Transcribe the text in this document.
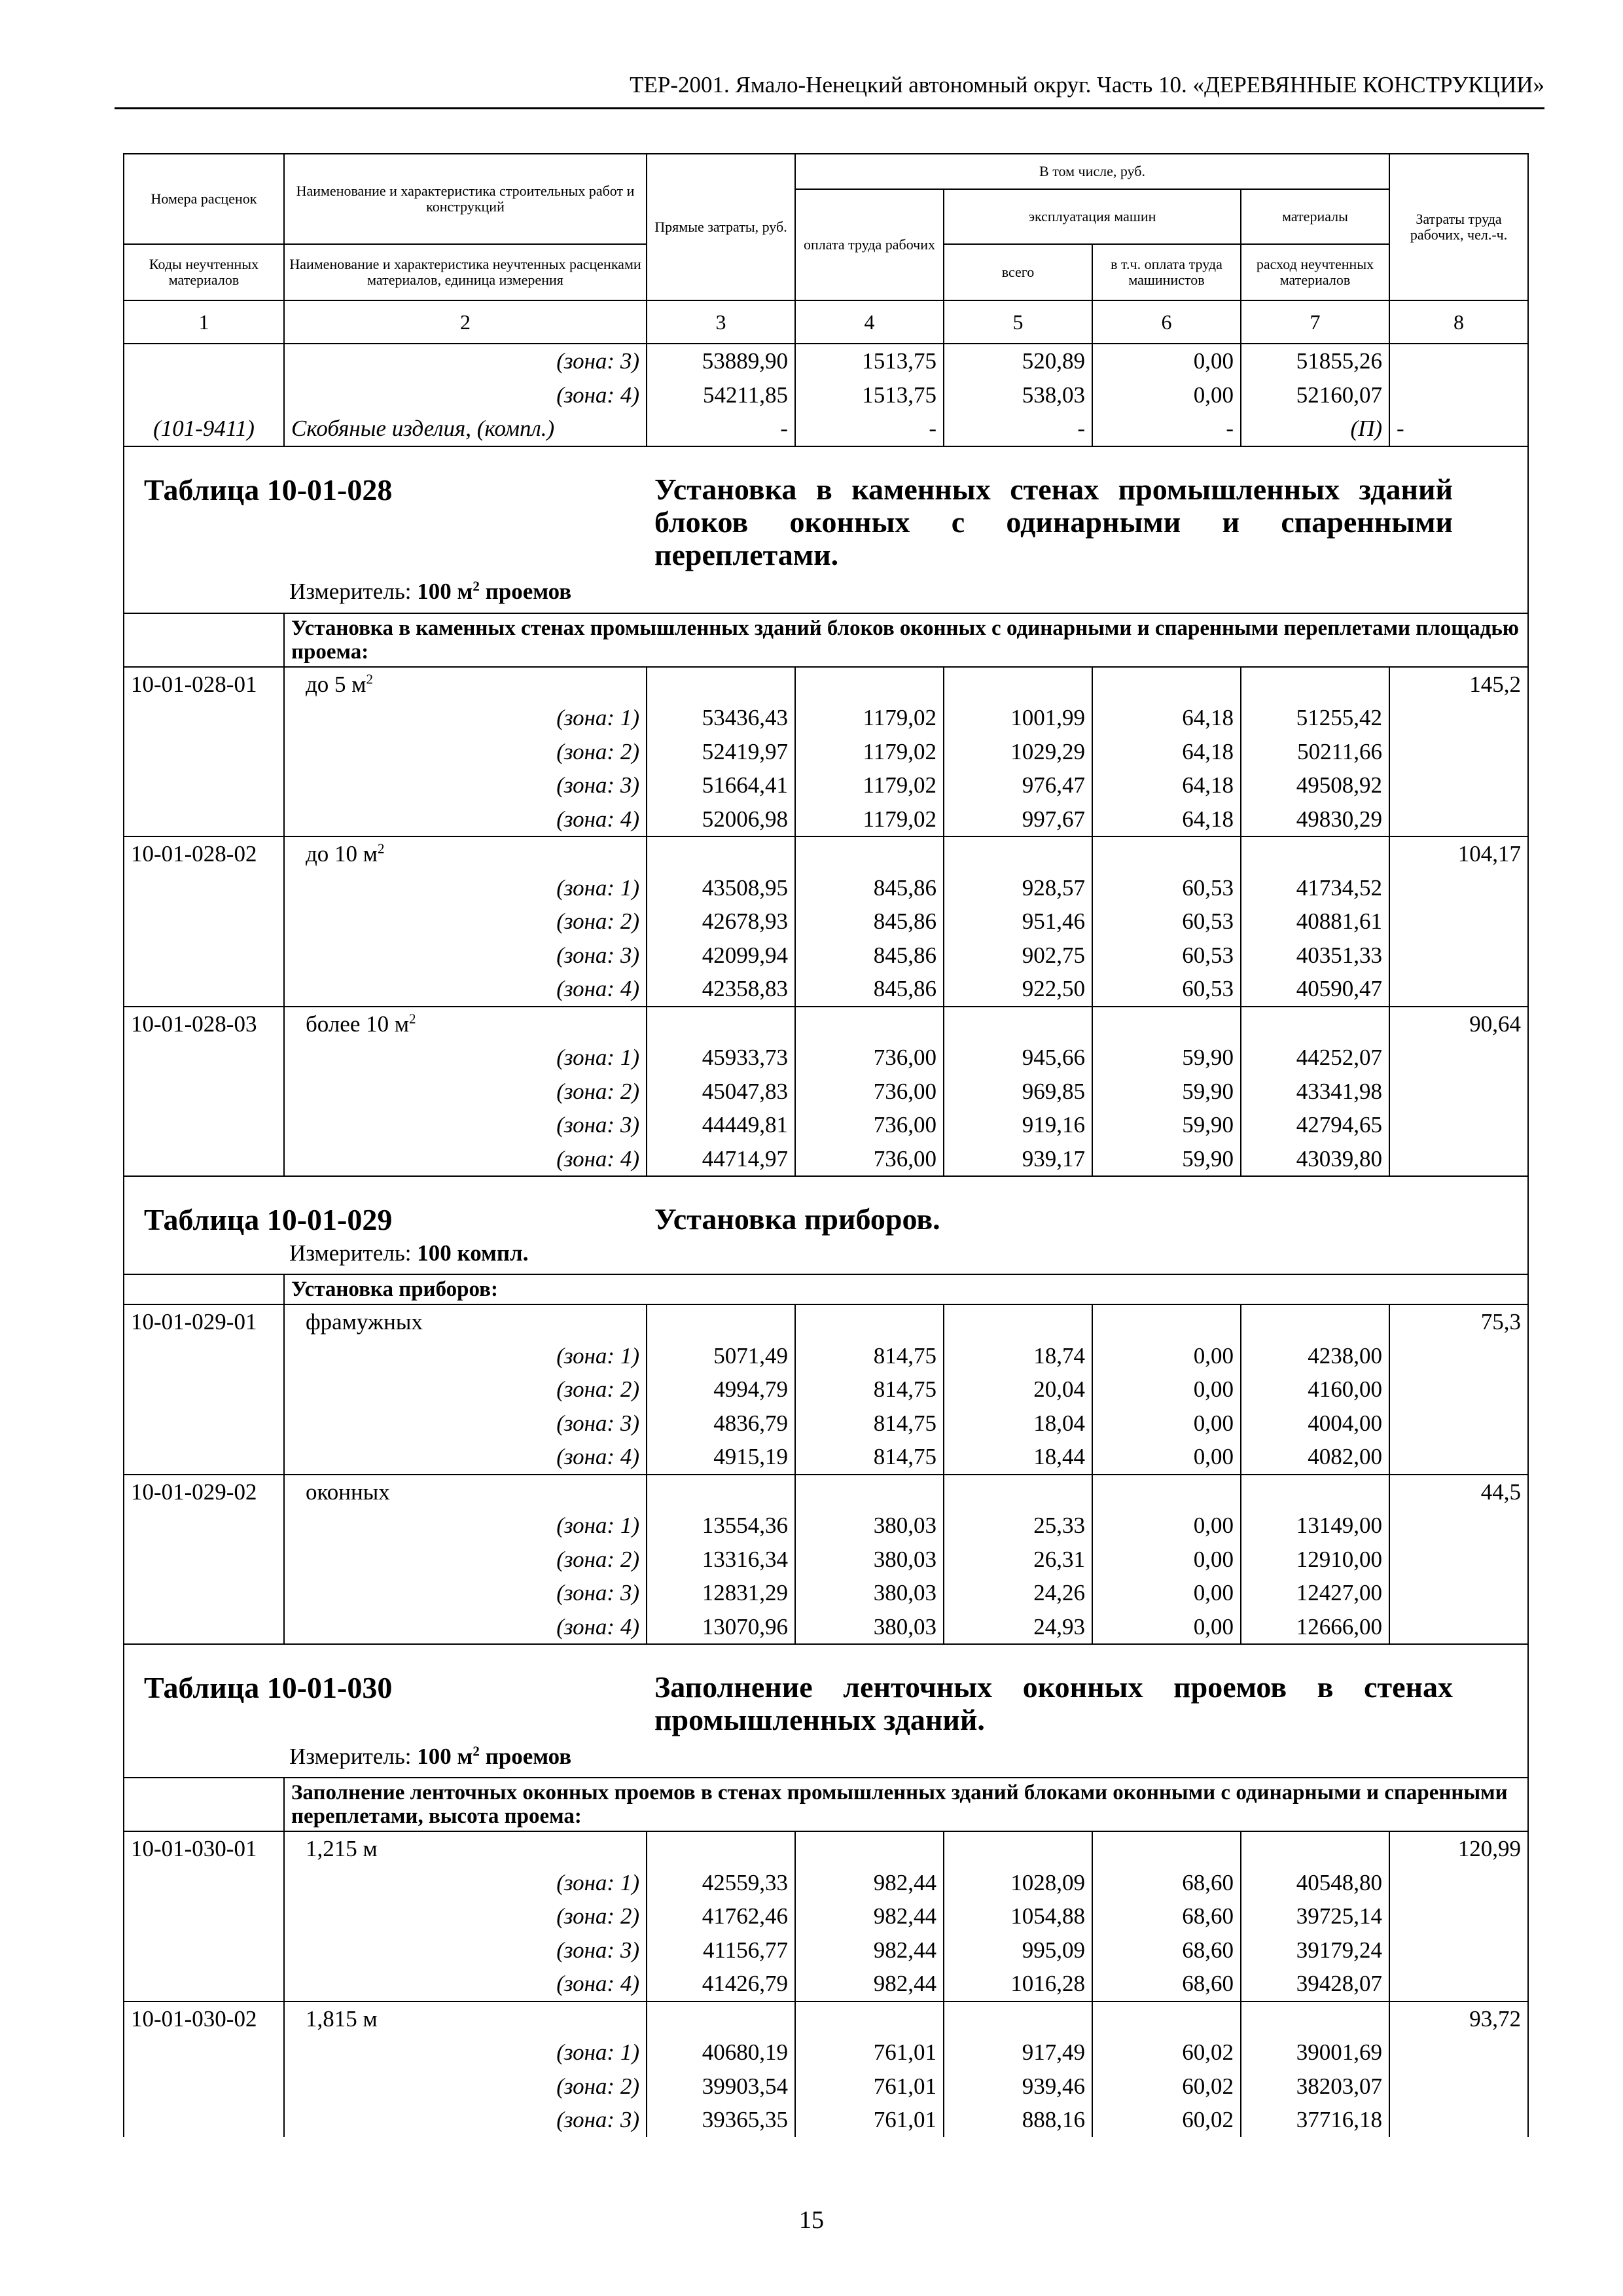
ТЕР-2001. Ямало-Ненецкий автономный округ. Часть 10. «ДЕРЕВЯННЫЕ КОНСТРУКЦИИ»
Номера расценок	Наименование и характеристика строительных работ и конструкций	Прямые затраты, руб.	В том числе, руб.				Затраты труда рабочих, чел.-ч.
			оплата труда рабочих	эксплуатация машин		материалы	
Коды неучтенных материалов	Наименование и характеристика неучтенных расценками материалов, единица измерения			всего	в т.ч. оплата труда машинистов	расход неучтенных материалов	

1	2	3	4	5	6	7	8
	(зона: 3)	53889,90	1513,75	520,89	0,00	51855,26	
	(зона: 4)	54211,85	1513,75	538,03	0,00	52160,07	
(101-9411)	Скобяные изделия, (компл.)	-	-	-	-	(П)	-

Таблица 10-01-028 Установка в каменных стенах промышленных зданий блоков оконных с одинарными и спаренными переплетами.
Измеритель: 100 $м^2$ проемов							

	Установка в каменных стенах промышленных зданий блоков оконных с одинарными и спаренными переплетами площадью проема:						
10-01-028-01	до 5 $м^2$						145,2
	(зона: 1)	53436,43	1179,02	1001,99	64,18	51255,42	
	(зона: 2)	52419,97	1179,02	1029,29	64,18	50211,66	
	(зона: 3)	51664,41	1179,02	976,47	64,18	49508,92	
	(зона: 4)	52006,98	1179,02	997,67	64,18	49830,29	
10-01-028-02	до 10 $м^2$						104,17
	(зона: 1)	43508,95	845,86	928,57	60,53	41734,52	
	(зона: 2)	42678,93	845,86	951,46	60,53	40881,61	
	(зона: 3)	42099,94	845,86	902,75	60,53	40351,33	
	(зона: 4)	42358,83	845,86	922,50	60,53	40590,47	
10-01-028-03	более 10 $м^2$						90,64
	(зона: 1)	45933,73	736,00	945,66	59,90	44252,07	
	(зона: 2)	45047,83	736,00	969,85	59,90	43341,98	
	(зона: 3)	44449,81	736,00	919,16	59,90	42794,65	
	(зона: 4)	44714,97	736,00	939,17	59,90	43039,80	

Таблица 10-01-029 Установка приборов.
Измеритель: 100 компл.							

	Установка приборов:						
10-01-029-01	фрамужных						75,3
	(зона: 1)	5071,49	814,75	18,74	0,00	4238,00	
	(зона: 2)	4994,79	814,75	20,04	0,00	4160,00	
	(зона: 3)	4836,79	814,75	18,04	0,00	4004,00	
	(зона: 4)	4915,19	814,75	18,44	0,00	4082,00	
10-01-029-02	оконных						44,5
	(зона: 1)	13554,36	380,03	25,33	0,00	13149,00	
	(зона: 2)	13316,34	380,03	26,31	0,00	12910,00	
	(зона: 3)	12831,29	380,03	24,26	0,00	12427,00	
	(зона: 4)	13070,96	380,03	24,93	0,00	12666,00	

Таблица 10-01-030 Заполнение ленточных оконных проемов в стенах промышленных зданий.
Измеритель: 100 $м^2$ проемов							

	Заполнение ленточных оконных проемов в стенах промышленных зданий блоками оконными с одинарными и спаренными переплетами, высота проема:						
10-01-030-01	1,215 м						120,99
	(зона: 1)	42559,33	982,44	1028,09	68,60	40548,80	
	(зона: 2)	41762,46	982,44	1054,88	68,60	39725,14	
	(зона: 3)	41156,77	982,44	995,09	68,60	39179,24	
	(зона: 4)	41426,79	982,44	1016,28	68,60	39428,07	
10-01-030-02	1,815 м						93,72
	(зона: 1)	40680,19	761,01	917,49	60,02	39001,69	
	(зона: 2)	39903,54	761,01	939,46	60,02	38203,07	
	(зона: 3)	39365,35	761,01	888,16	60,02	37716,18	
15
